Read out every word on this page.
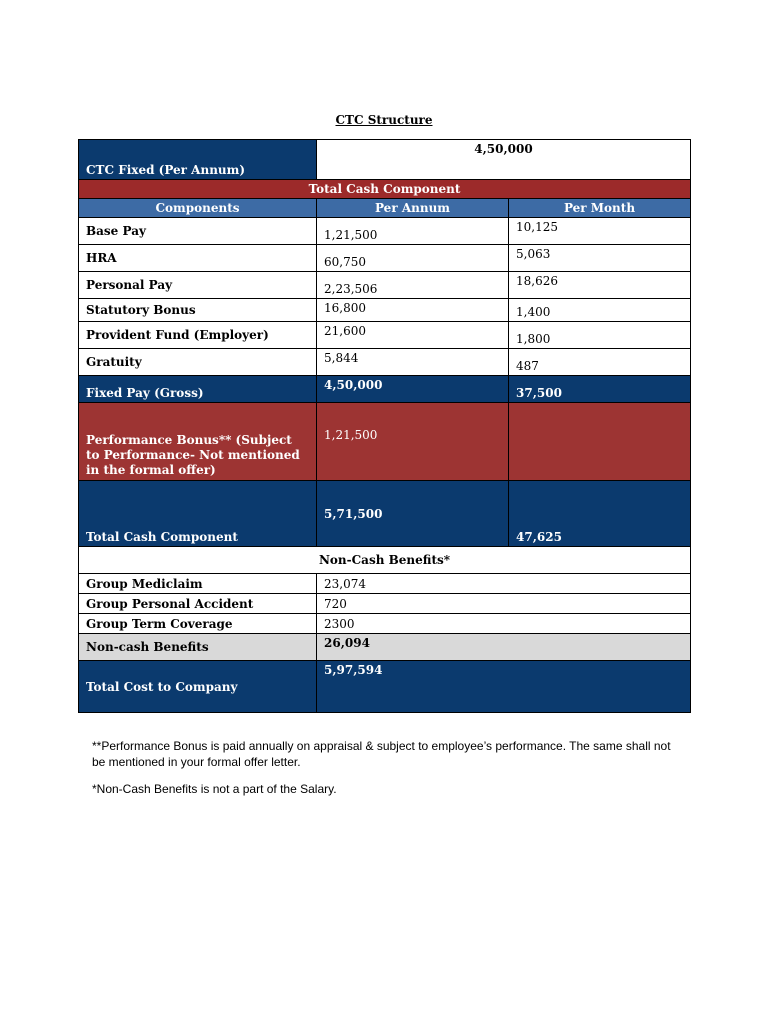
CTC Structure
CTC Fixed (Per Annum)	4,50,000	
Total Cash Component		
Components	Per Annum	Per Month
Base Pay	1,21,500	10,125
HRA	60,750	5,063
Personal Pay	2,23,506	18,626
Statutory Bonus	16,800	1,400
Provident Fund (Employer)	21,600	1,800
Gratuity	5,844	487
Fixed Pay (Gross)	4,50,000	37,500
Performance Bonus** (Subject to Performance- Not mentioned in the formal offer)	1,21,500	
Total Cash Component	5,71,500	47,625
Non-Cash Benefits*		
Group Mediclaim	23,074	
Group Personal Accident	720	
Group Term Coverage	2300	
Non-cash Benefits	26,094	
Total Cost to Company	5,97,594	

**Performance Bonus is paid annually on appraisal & subject to employee’s performance. The same shall not be mentioned in your formal offer letter.

*Non-Cash Benefits is not a part of the Salary.
